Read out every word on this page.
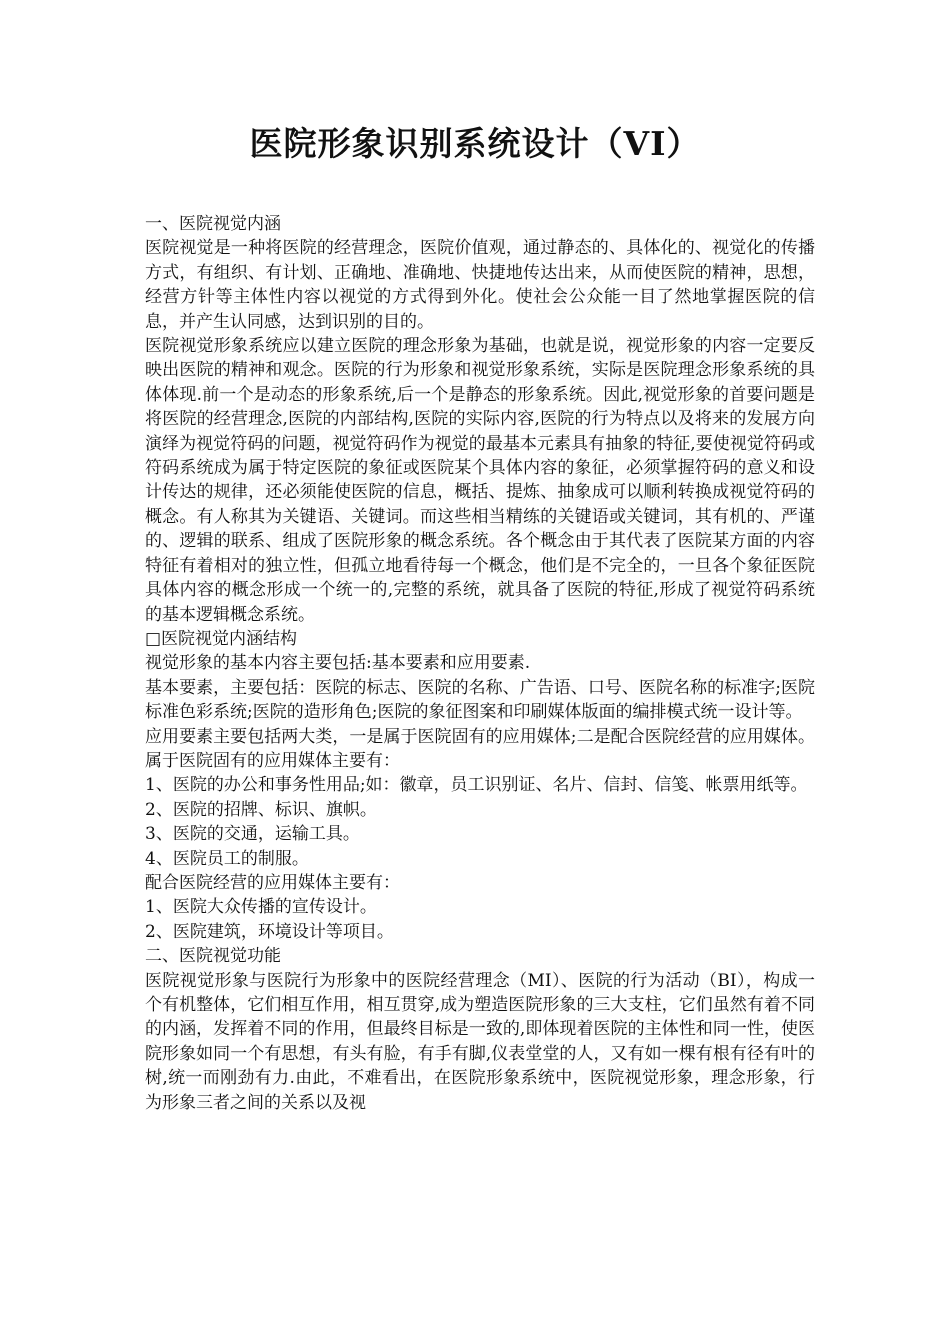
医院形象识别系统设计（VI）

一、医院视觉内涵

医院视觉是一种将医院的经营理念，医院价值观，通过静态的、具体化的、视觉化的传播方式，有组织、有计划、正确地、准确地、快捷地传达出来，从而使医院的精神，思想，经营方针等主体性内容以视觉的方式得到外化。使社会公众能一目了然地掌握医院的信息，并产生认同感，达到识别的目的。

医院视觉形象系统应以建立医院的理念形象为基础，也就是说，视觉形象的内容一定要反映出医院的精神和观念。医院的行为形象和视觉形象系统，实际是医院理念形象系统的具体体现.前一个是动态的形象系统,后一个是静态的形象系统。因此,视觉形象的首要问题是将医院的经营理念,医院的内部结构,医院的实际内容,医院的行为特点以及将来的发展方向演绎为视觉符码的问题，视觉符码作为视觉的最基本元素具有抽象的特征,要使视觉符码或符码系统成为属于特定医院的象征或医院某个具体内容的象征，必须掌握符码的意义和设计传达的规律，还必须能使医院的信息，概括、提炼、抽象成可以顺利转换成视觉符码的概念。有人称其为关键语、关键词。而这些相当精练的关键语或关键词，其有机的、严谨的、逻辑的联系、组成了医院形象的概念系统。各个概念由于其代表了医院某方面的内容特征有着相对的独立性，但孤立地看待每一个概念，他们是不完全的，一旦各个象征医院具体内容的概念形成一个统一的,完整的系统，就具备了医院的特征,形成了视觉符码系统的基本逻辑概念系统。

□医院视觉内涵结构

视觉形象的基本内容主要包括:基本要素和应用要素.

基本要素，主要包括：医院的标志、医院的名称、广告语、口号、医院名称的标准字;医院标准色彩系统;医院的造形角色;医院的象征图案和印刷媒体版面的编排模式统一设计等。

应用要素主要包括两大类，一是属于医院固有的应用媒体;二是配合医院经营的应用媒体。属于医院固有的应用媒体主要有：

1、医院的办公和事务性用品;如：徽章，员工识别证、名片、信封、信笺、帐票用纸等。

2、医院的招牌、标识、旗帜。

3、医院的交通，运输工具。

4、医院员工的制服。

配合医院经营的应用媒体主要有：

1、医院大众传播的宣传设计。

2、医院建筑，环境设计等项目。

二、医院视觉功能

医院视觉形象与医院行为形象中的医院经营理念（MI）、医院的行为活动（BI），构成一个有机整体，它们相互作用，相互贯穿,成为塑造医院形象的三大支柱，它们虽然有着不同的内涵，发挥着不同的作用，但最终目标是一致的,即体现着医院的主体性和同一性，使医院形象如同一个有思想，有头有脸，有手有脚,仪表堂堂的人，又有如一棵有根有径有叶的树,统一而刚劲有力.由此，不难看出，在医院形象系统中，医院视觉形象，理念形象，行为形象三者之间的关系以及视
